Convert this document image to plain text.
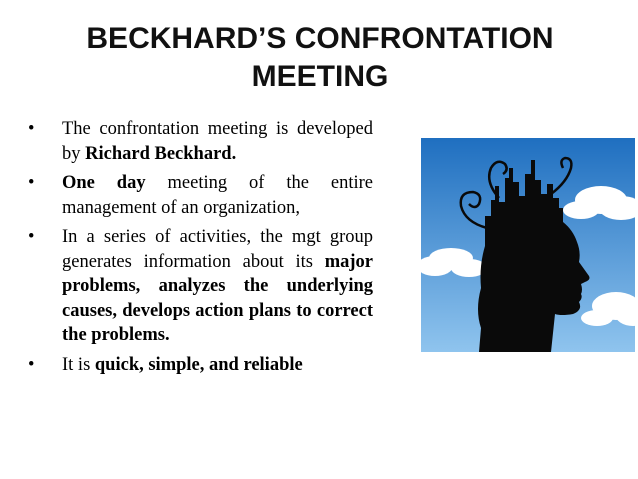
BECKHARD’S CONFRONTATION
MEETING
• The confrontation meeting is developed by Richard Beckhard.
• One day meeting of the entire management of an organization,
• In a series of activities, the mgt group generates information about its major problems, analyzes the underlying causes, develops action plans to correct the problems.
• It is quick, simple, and reliable
